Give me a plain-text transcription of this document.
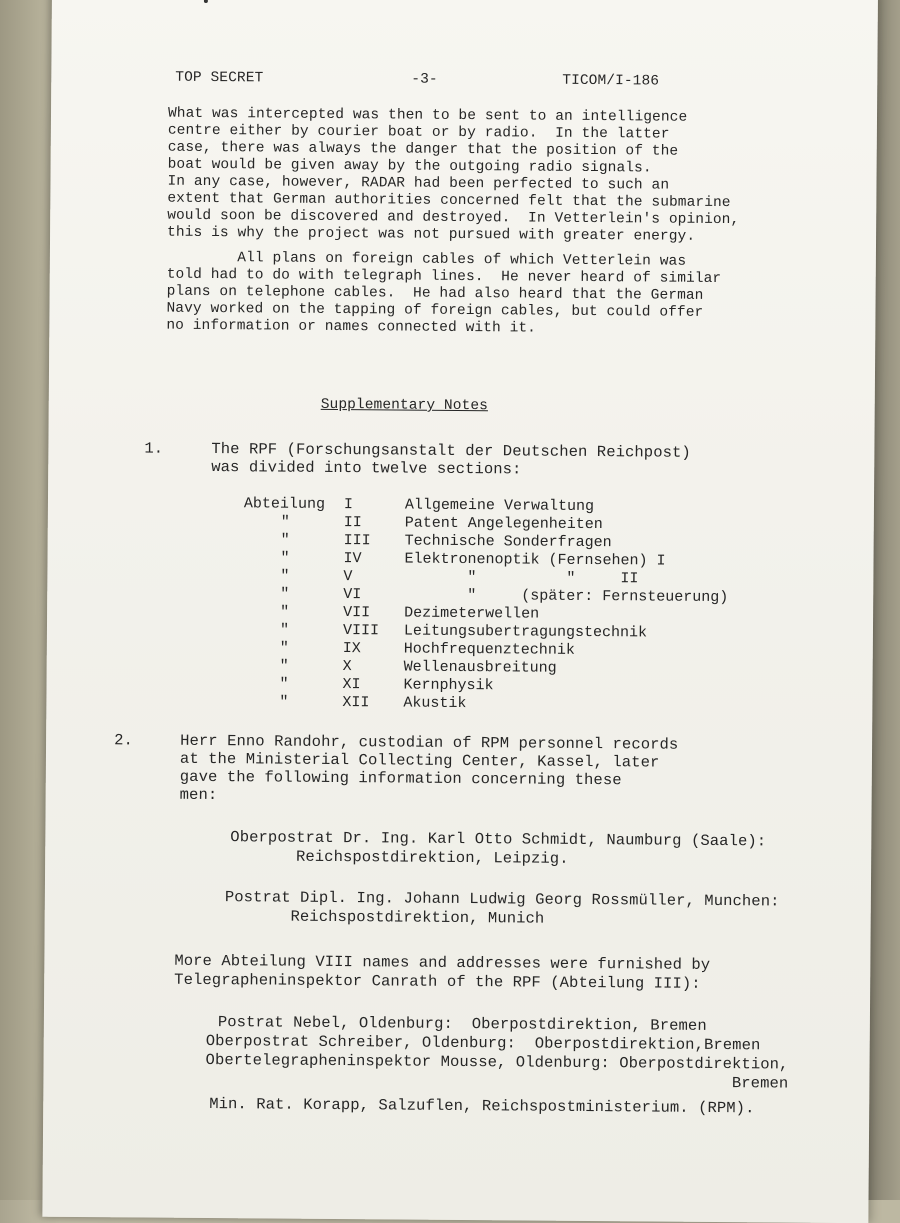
TOP SECRET	-3-	TICOM/I-186
What was intercepted was then to be sent to an intelligence
centre either by courier boat or by radio.  In the latter
case, there was always the danger that the position of the
boat would be given away by the outgoing radio signals.
In any case, however, RADAR had been perfected to such an
extent that German authorities concerned felt that the submarine
would soon be discovered and destroyed.  In Vetterlein's opinion,
this is why the project was not pursued with greater energy.
All plans on foreign cables of which Vetterlein was
told had to do with telegraph lines.  He never heard of similar
plans on telephone cables.  He had also heard that the German
Navy worked on the tapping of foreign cables, but could offer
no information or names connected with it.
Supplementary Notes
1.	The RPF (Forschungsanstalt der Deutschen Reichpost)
was divided into twelve sections:
Abteilung I	Allgemeine Verwaltung
"	II	Patent Angelegenheiten
"	III Technische Sonderfragen
"	IV	Elektronenoptik (Fernsehen) I
"	V	"          "     II
"	VI	"     (später: Fernsteuerung)
"	VII Dezimeterwellen
"	VIII Leitungsubertragungstechnik
"	IX	Hochfrequenztechnik
"	X	Wellenausbreitung
"	XI	Kernphysik
"	XII Akustik
2.	Herr Enno Randohr, custodian of RPM personnel records
at the Ministerial Collecting Center, Kassel, later
gave the following information concerning these
men:
Oberpostrat Dr. Ing. Karl Otto Schmidt, Naumburg (Saale):
Reichspostdirektion, Leipzig.
Postrat Dipl. Ing. Johann Ludwig Georg Rossmüller, Munchen:
Reichspostdirektion, Munich
More Abteilung VIII names and addresses were furnished by
Telegrapheninspektor Canrath of the RPF (Abteilung III):
Postrat Nebel, Oldenburg:  Oberpostdirektion, Bremen
Oberpostrat Schreiber, Oldenburg:  Oberpostdirektion,Bremen
Obertelegrapheninspektor Mousse, Oldenburg: Oberpostdirektion,
Bremen
Min. Rat. Korapp, Salzuflen, Reichspostministerium. (RPM).
